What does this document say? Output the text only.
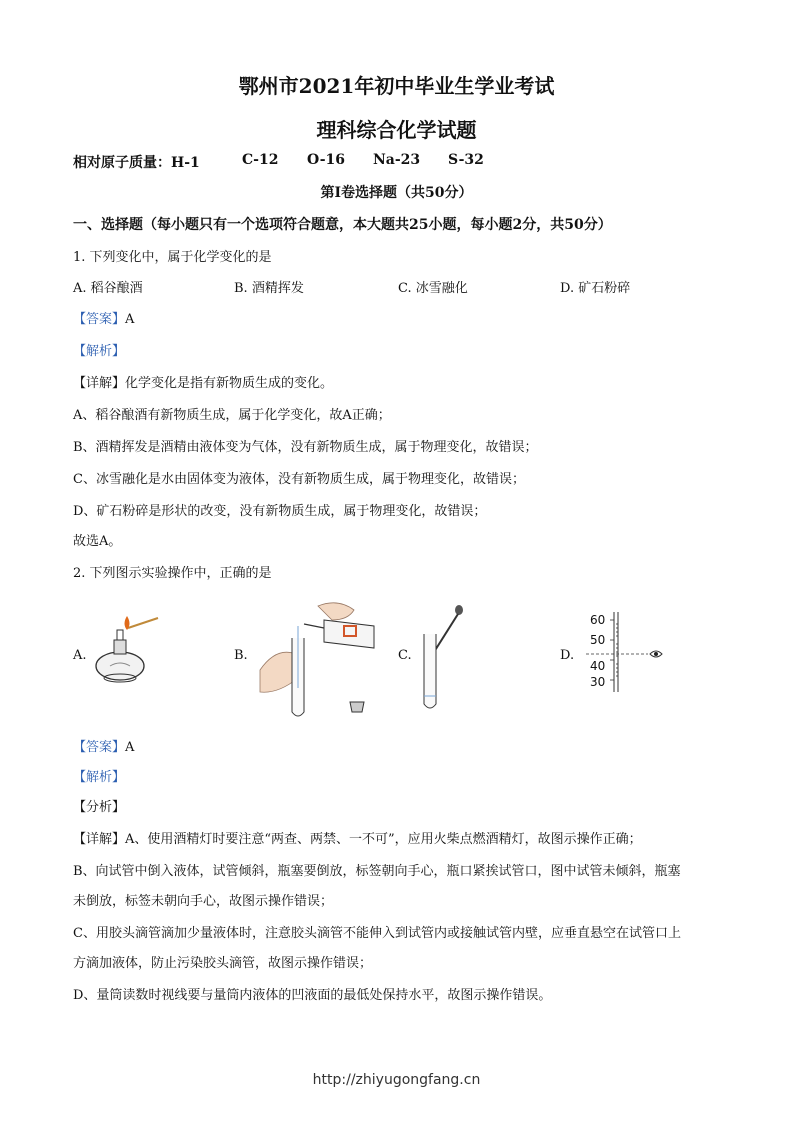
鄂州市2021年初中毕业生学业考试
理科综合化学试题
相对原子质量：H-1	C-12 O-16 Na-23 S-32
第Ⅰ卷选择题（共50分）
一、选择题（每小题只有一个选项符合题意，本大题共25小题，每小题2分，共50分）
1. 下列变化中，属于化学变化的是
A. 稻谷酿酒	B. 酒精挥发	C. 冰雪融化	D. 矿石粉碎
【答案】A
【解析】
【详解】化学变化是指有新物质生成的变化。
A、稻谷酿酒有新物质生成，属于化学变化，故A正确；
B、酒精挥发是酒精由液体变为气体，没有新物质生成，属于物理变化，故错误；
C、冰雪融化是水由固体变为液体，没有新物质生成，属于物理变化，故错误；
D、矿石粉碎是形状的改变，没有新物质生成，属于物理变化，故错误；
故选A。
2. 下列图示实验操作中，正确的是
A.	B.	C.	D.
60
50
40
30
【答案】A
【解析】
【分析】
【详解】A、使用酒精灯时要注意“两查、两禁、一不可”，应用火柴点燃酒精灯，故图示操作正确；
B、向试管中倒入液体，试管倾斜，瓶塞要倒放，标签朝向手心，瓶口紧挨试管口，图中试管未倾斜，瓶塞
未倒放，标签未朝向手心，故图示操作错误；
C、用胶头滴管滴加少量液体时，注意胶头滴管不能伸入到试管内或接触试管内壁，应垂直悬空在试管口上
方滴加液体，防止污染胶头滴管，故图示操作错误；
D、量筒读数时视线要与量筒内液体的凹液面的最低处保持水平，故图示操作错误。
http://zhiyugongfang.cn
